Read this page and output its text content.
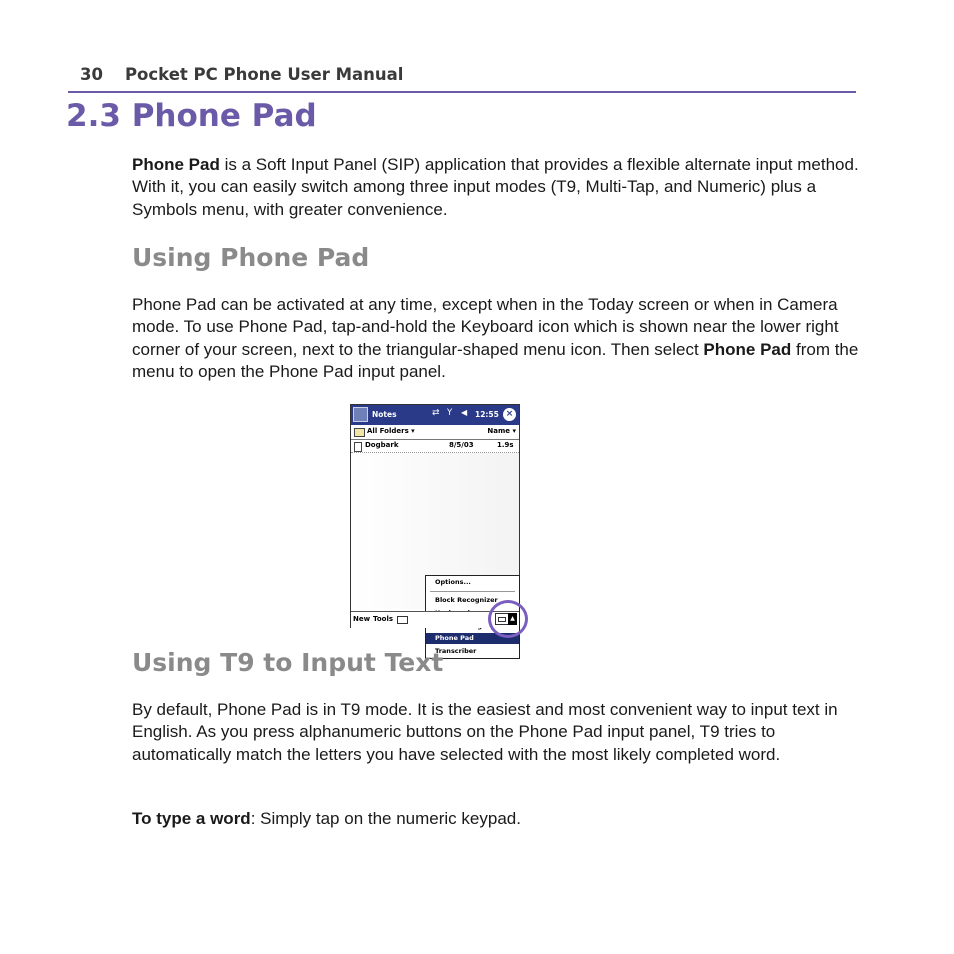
30 Pocket PC Phone User Manual
2.3 Phone Pad

Phone Pad is a Soft Input Panel (SIP) application that provides a flexible alternate input method. With it, you can easily switch among three input modes (T9, Multi-Tap, and Numeric) plus a Symbols menu, with greater convenience.

Using Phone Pad

Phone Pad can be activated at any time, except when in the Today screen or when in Camera mode. To use Phone Pad, tap-and-hold the Keyboard icon which is shown near the lower right corner of your screen, next to the triangular-shaped menu icon. Then select Phone Pad from the menu to open the Phone Pad input panel.

Notes	⇄ Y ◀ 12:55 ×
All Folders ▾	Name ▾
Dogbark	8/5/03	1.9s
Options...
Block Recognizer
Phone Pad
Transcriber
New Tools	▲
Using T9 to Input Text

By default, Phone Pad is in T9 mode. It is the easiest and most convenient way to input text in English. As you press alphanumeric buttons on the Phone Pad input panel, T9 tries to automatically match the letters you have selected with the most likely completed word.

To type a word: Simply tap on the numeric keypad.
